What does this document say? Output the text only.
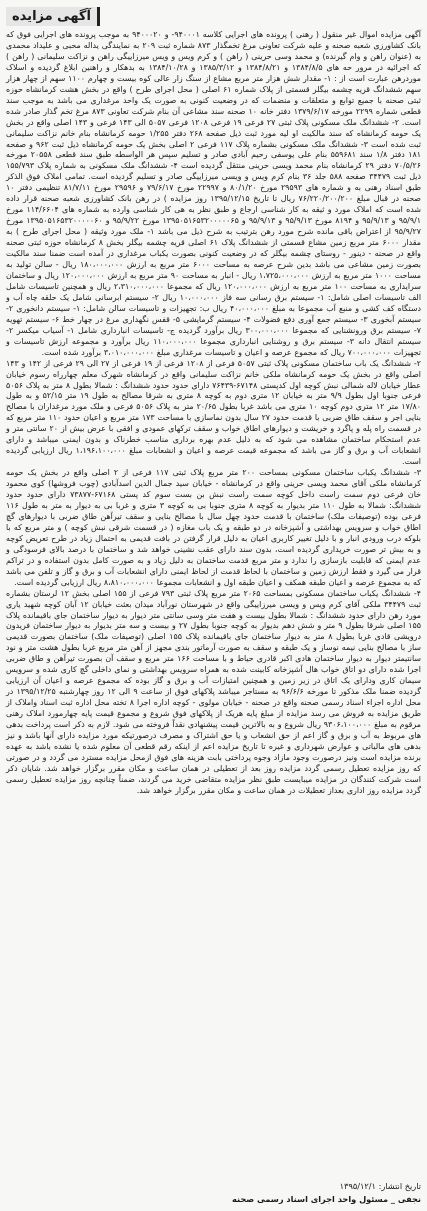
آگهی مزایده

آگهی مزایده اموال غیر منقول ( رهنی ) پرونده های اجرایی کلاسه ۹۴۰۰۰۱- و ۹۴۰۰۰۲۰ به موجب پرونده های اجرایی فوق که بانک کشاورزی شعبه صحنه و علیه شرکت تعاونی مرغ تخمگذار ۸۷۳ شماره ثبت ۲۰۹ به نمایندگی یداله محبی و علیداد محمدی به (عنوان راهن و وام گیرنده) و محمد وسی حرینی ( راهن ) و کرم ویس و ویس میرزاییگی راهن و نزاکت سلیمانی ( راهن ) که اجرائیه در مرور حه های ۱۳۸۴/۸/۵ و ۱۳۸۴/۸/۲۱ و ۱۳۸۵/۳/۱۲ و ۱۳۸۴/۱۰/۲۸ به بدهکار و راهنین ابلاغ گردیده و اسلاک موردرهن عبارت است از : ۱- مقدار شش هزار متر مربع مشاع از سنگ زار عالی کوه بیست و چهارم ۱۱۰۰ سهم از چهار هزار سهم ششدانگ قریه چشمه بیگلر قسمتی از پلاک شماره ۶۱ اصلی ( محل اجرای طرح ) واقع در بخش هشت کرمانشاه حوزه ثبتی صحنه با جمیع توابع و متعلقات و منضمات که در وضعیت کنونی به صورت یک واحد مرغداری می باشد به موجب سند قطعی شماره ۲۲۹۹ مورخه ۱۳۷۹/۶/۱۷ دفتر خانه ۱۰ صحنه سند مشاعی آن بنام شرکت تعاونی ۸۷۳ مرغ تخم گذار صادر شده است. ۲- ششدانگ ملک مسکونی پلاک ثبتی ۲۷ فرعی ۱۹ فرعی ۱۲۰۸ فرعی ۵۰۵۷ الی ۱۴۳ فرعی و ۱۴۳ اصلی واقع در بخش یک حومه کرمانشاه که سند مالکیت او لیه مورد ثبت ذیل صفحه ۲۶۸ دفتر ۱/۲۵۵ حومه کرمانشاه بنام خانم نزاکت سلیمانی ثبت شده است ۳- ششدانگ ملک مسکونی بشماره پلاک ۱۱۷ فرعی ۲ اصلی بخش یک حومه کرمانشاه ذیل ثبت ۹۶۲ و صفحه ۱۸۱ دفتر ۱/۸ سند ۵۵۹۶۸۱ بنام علی یوسفی رحیم آبادی صادر و تسلیم سپس هر الواسطه طبق سند قطعی ۲۰۵۵۸ مورخه ۷۰/۵/۲۶ دفتر ۲۹ کرمانشاه بنام محمد ویسی حرینی منتقل گردیده است ۴- ششدانگ ملک مسکونی به شماره پلاک ۱۵۵/۷۹۳ ذیل ثبت ۳۴۴۷۹ صفحه ۵۸۸ جلد ۳۶ بنام کرم ویس و ویسی میرزاییگی صادر و تسلیم گردیده است. تمامی املاک فوق الذکر طبق اسناد رهنی به و شماره های ۲۹۵۹۳ مورخ ۸۰/۱/۲۰ و ۲۲۹۹۷ مورخ ۷۹/۶/۱۷ و ۲۹۵۹۶ مورخ ۸۱/۷/۱۱ تنظیمی دفتر ۱۰ صحنه در قبال مبلغ ۷۶/۲۲۰/۲۰۰/۲۰۰ ریال تا تاریخ ۱۳۹۵/۱۲/۱۵ روز مزایده ) در رهن بانک کشاورزی شعبه صحنه قرار داده شده است که املاک مورد و ثیقه به کار شناسی ارجاع و طبق نظر به هی کار شناسی وارده به شماره های ۱۱۴/۶۶۰۴ مورخ ۹۵/۹/۱ و ۹۵/۹/۱۳ و ۸۱۹۴ مورخ ۹۵/۹/۱۳ و ۹۵/۹/۱۳ و ۱۳۹۵۰۵۱۶۵۳۲۰۰۰۰۰۶۵ مورخ ۹۵/۹/۲۲ و ۱۳۹۵۰۵۱۶۵۳۲۰۰۰۰۰۶۰ مورخ ۹۵/۹/۲۷ از اعتراض باقی مانده شرح مورد رهن بترتیب به شرح ذیل می باشد ۱- ملک مورد وثیقه ( محل اجرای طرح ) به مقدار ۶۰۰۰ متر مربع زمین مشاع قسمتی از ششدانگ پلاک ۶۱ اصلی قریه چشمه بیگلر بخش ۸ کرمانشاه حوزه ثبتی صحنه واقع در صحنه - دینور - روستای چشمه بیگلر که در وضعیت کنونی بصورت یکباب مرغداری در آمده است ضمنا سند مالکیت بصورت زمین مشاعی می باشد بدین شرح عرصه به مساحت ۶۰۰۰ متر مربع به ارزش ۱۸۰،۰۰۰،۰۰۰ ریال - سالن تولید به مساحت ۱۰۰۰ متر مربع به ارزش ۱،۷۲۵،۰۰۰،۰۰۰ ریال - انبار به مساحت ۹۰ متر مربع به ارزش ۱۲۰،۰۰۰،۰۰۰ ریال و ساختمان سرایداری به مساحت ۱۰۰ متر مربع به ارزش ۱۲۰،۰۰۰،۰۰۰ ریال که مجموعا ۲،۳۱۰،۰۰۰،۰۰۰ ریال و همچنین تاسیسات شامل الف تاسیسات اصلی شامل: ۱- سیستم برق رسانی سه فاز ۱۰،۰۰۰،۰۰۰ ریال ۲- سیستم ابرسانی شامل یک حلقه چاه آب و دستگاه کف کشی و منبع آب مجموعا به مبلغ ۴۰،۰۰۰،۰۰۰ ریال ب: تجهیزات و تاسیسات سالن شامل: ۱- سیستم دانخوری ۲- سیستم آبخوری ۳- سیستم جمع آوری دفع فضولات ۴- سیستم گرمایشی ۵- قفس نگهداری مرغ در چهار خط ۶- سیستم تهویه ۷- سیستم برق ورونشنایی که مجموعا ۳۰۰،۰۰۰،۰۰۰ ریال برآورد گردیده ج- تاسیسات انبارداری شامل ۱- آسیاب میکسر ۲- سیستم انتقال دانه ۳- سیستم برق و روشنایی انبارداری مجموعا ۱۱۰،۰۰۰،۰۰۰ ریال برآورد و مجموعه ارزش تاسیسات و تجهیزات ۷۰۰،۰۰۰،۰۰۰ ریال که مجموع عرصه و اعیان و تاسیسات مرغداری مبلغ ۳،۰۱۰،۰۰۰،۰۰۰ برآورد شده است.

۲- ششدانگ یک باب ساختمان مسکونی پلاک ثبتی ۵۰۵۷ فرعی از ۱۲۰۸ فرعی از ۱۹ فرعی از ۲۷ الی ۲۹ فرعی از ۱۴۲ و ۱۴۳ اصلی واقع در بخش یک حومه کرمانشاه ملکی خانم نزاکت سلیمانی واقع در کرمانشاه شهرک معلم چهارراه رسوم خیابان عطار خیابان لاله شمالی نبش کوچه اول کدپستی ۶۷۱۴۸-۷۶۴۳۹ دارای حدود حدود ششدانگ : شمالا بطول ۸ متر به پلاک ۵۰۵۶ فرعی جنوبا اول بطول ۹/۹ متر به خیابان ۱۲ متری دوم به کوچه ۸ متری به شرقا مصالح به طول ۱۹ متر ۵۲/۱۵ و به طول ۱۷/۸۰ متر ۱۲ متری دوم کوچه ۱۰ متری می باشد غربا بطول ۲۰/۶۵ متر به پلاک ۵۰۵۶ فرعی و ملک مورد مرغداران با مصالح بنایی اجر و سقف طاق ضربی با قدمت حدود ۲۷ سال بدون نماسازی با مساحت ۱۷۳ متر مربع و اعیان حدود ۱۱۰ متر مربع که در قسمت راه پله و پاگرد و خریشت و دیوارهای اطاق خواب و سقف ترکهای عمودی و افقی با عرض بیش از ۲۰ سانتی متر و عدم استحکام ساختمان مشاهده می شود که به دلیل عدم بهره برداری مناسب خطرناک و بدون ایمنی میباشد و دارای انشعابات آب و برق و گاز می باشد که مجموعه قیمت عرصه و اعیان و انشعابات مبلغ ۱،۱۹۶،۱۰۰،۰۰۰ ریال ارزیابی گردیده است.

۳- ششدانگ یکباب ساختمان مسکونی بمساحت ۲۰۰ متر مربع پلاک ثبتی ۱۱۷ فرعی از ۲ اصلی واقع در بخش یک حومه کرمانشاه ملکی آقای محمد ویسی حرینی واقع در کرمانشاه - خیابان سید جمال الدین اسدآبادی (چوب فروشها) کوی محمود خان فرعی دوم سمت راست داخل کوچه سمت راست نبش بن بست سوم کد پستی ۶۷۱۶۸-۷۳۸۷۷ دارای حدود حدود ششدانگ: شمالا به طول ۱۱۰ متر بدیوار به کوچه ۸ متری جنوبا بی به کوچه ۳ متری و غربا بی به دیوار به متر به طول ۱۱۶ فرعی بوده (توصیفات ملک) ساختمان با قدمت حدود چهل سال با مصالح بنایی و سقف تیرآهن طاق ضربی با دیوارهای گچ اطاق خواب و سرویس بهداشتی و آشپزخانه در دو طبقه و یک باب مغازه ( در قسمت شرقی نبش کوچه ) و متر مربع که با بلوکه درب ورودی انبار و با دلیل تغییر کاربری اعیان به دلیل قرار گرفتن در بافت قدیمی به احتمال زیاد در طرح تعریض کوچه و به بیش تر صورت خریداری گردیده است، بدون سند دارای عقب نشینی خواهد شد و ساختمان با درصد بالای فرسودگی و عدم ایمنی که قابلیت بازسازی را ندارد و متر مربع قدمت ساختمان به دلیل زیاد و به صورت کامل بدون استفاده و در تراکم قرار می گیرد و فقط ارزش زمین و ساختمان با لحاظ قدمت از لحاظ ایمنی دارای انشعابات آب و برق و گاز و تلفن می باشد که به مجموع عرصه و اعیان طبقه همکف و اعیان طبقه اول و انشعابات مجموعا ۸،۸۱۰،۰۰۰،۰۰۰ ریال ارزیابی گردیده است.

۴- ششدانگ یکباب ساختمان مسکونی بمساحت ۲۰۶۵ متر مربع پلاک ثبتی ۷۹۳ فرعی از ۱۵۵ اصلی بخش ۱۲ لرستان بشماره ثبت ۳۴۴۷۹ ملکی آقای کرم ویس و ویسی میرزاییگی واقع در شهرستان نورآباد میدان بعثت خیابان ۱۲ آبان کوچه شهید یاری مورد رهن دارای حدود ششدانگ : شمالا بطول بیست و هفت متر وسی سانتی متر دیوار به دیوار ساختمان جای باقیمانده پلاک ۱۵۵ اصلی شرقا بطول ۹ متر و شش دهم بدیوار به کوچه جنوبا بطول ۲۷ و بیست و سه متر بدیوار به دیوار ساختمان فریدون درویشی قادی غربا بطول ۸ متر به دیوار ساختمان جای باقیمانده پلاک ۱۵۵ اصلی (توصیفات ملک) ساختمان بصورت قدیمی ساز با مصالح بنایی نیمه نوساز و یک طبقه و سقف به صورت آرماتور بندی مجهز از آهن متر مربع غربا بطول هشت متر و نود سانتیمتر دیوار به دیوار ساختمان هادی اکبر قادری حیاط و با مساحت ۱۶۶ متر مربع و سقف آن بصورت تیرآهن و طاق ضربی اجرا شده دارای دو اتاق خواب هال آشپزخانه کابینت شده به همراه سرویس بهداشتی و نمای داخلی گچ کاری شده و سرویس سیمان کاری ودارای یک اتاق در زیر زمین و همچنین امتیازات آب و برق و گاز بوده که مجموع عرصه و اعیان آن ارزیابی گردیده ضمنا ملک مذکور تا مورخه ۹۶/۶/۶ به مستاجر میباشد پلاکهای فوق از ساعت ۹ الی ۱۲ روز چهارشنبه ۱۳۹۵/۱۲/۲۵ در محل اداره اجراء اسناد رسمی صحنه واقع در صحنه - خیابان مولوی - کوچه اداره اجرا ۸ تخته محل اداره ثبت اسناد واملاک از طریق مزایده به فروش می رسد مزایده از مبلغ پایه هریک از پلاکهای فوق شروع و مجموع قیمت پایه چهارمورد املاک رهنی مرقوم به مبلغ ۹۳۰۶،۱۰۰،۰۰۰ ریال شروع و به بالاترین قیمت پیشنهادی نقداً فروخته می شود. لازم به ذکر است پرداخت بدهی های مربوط به آب و برق و گاز اعم از حق انشعاب و یا حق اشتراک و مصرف درصورتیکه مورد مزایده دارای آنها باشد و نیز بدهی های مالیاتی و عوارض شهرداری و غیره تا تاریخ مزایده اعم از اینکه رقم قطعی آن معلوم شده یا نشده باشد به عهده برنده مزایده است ونیز درصورت وجود مازاد وجوه پرداختی بابت هزینه های فوق ازمحل مزایده مسترد می گردد و در صورتی که روز مزایده تعطیل رسمی گردد مزایده روز بعد از تعطیلی در همان ساعت و مکان مقرر برگزار خواهد شد. شایان ذکر است شرکت کنندگان در مزایده میبایست طبق نظر مزایده متقاضی خرید می گردند، ضمناً چنانچه روز مزایده تعطیل رسمی گردد مزایده روز اداری بعداز تعطیلات در همان ساعت و مکان مقرر برگزار خواهد شد.

تاریخ انتشار: ۱۳۹۵/۱۲/۱
نجفی _ مسئول واحد اجرای اسناد رسمی صحنه
